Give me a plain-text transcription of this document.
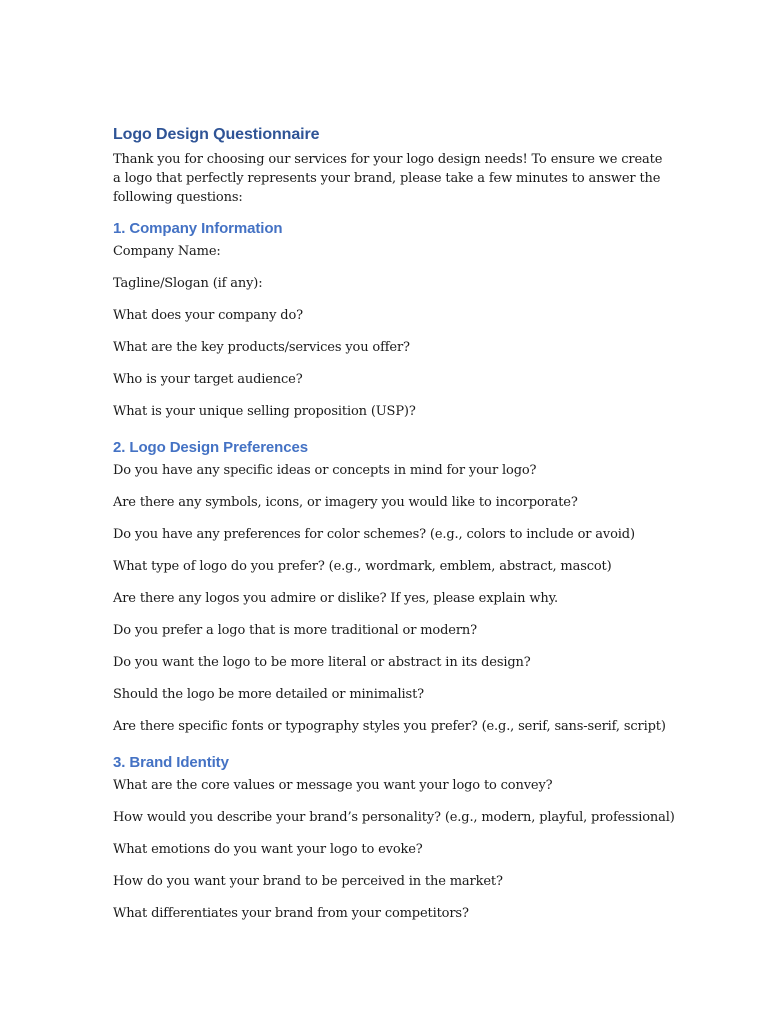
Logo Design Questionnaire

Thank you for choosing our services for your logo design needs! To ensure we create a logo that perfectly represents your brand, please take a few minutes to answer the following questions:

1. Company Information
Company Name:
Tagline/Slogan (if any):
What does your company do?
What are the key products/services you offer?
Who is your target audience?
What is your unique selling proposition (USP)?
2. Logo Design Preferences
Do you have any specific ideas or concepts in mind for your logo?
Are there any symbols, icons, or imagery you would like to incorporate?
Do you have any preferences for color schemes? (e.g., colors to include or avoid)
What type of logo do you prefer? (e.g., wordmark, emblem, abstract, mascot)
Are there any logos you admire or dislike? If yes, please explain why.
Do you prefer a logo that is more traditional or modern?
Do you want the logo to be more literal or abstract in its design?
Should the logo be more detailed or minimalist?
Are there specific fonts or typography styles you prefer? (e.g., serif, sans-serif, script)
3. Brand Identity
What are the core values or message you want your logo to convey?
How would you describe your brand’s personality? (e.g., modern, playful, professional)
What emotions do you want your logo to evoke?
How do you want your brand to be perceived in the market?
What differentiates your brand from your competitors?
